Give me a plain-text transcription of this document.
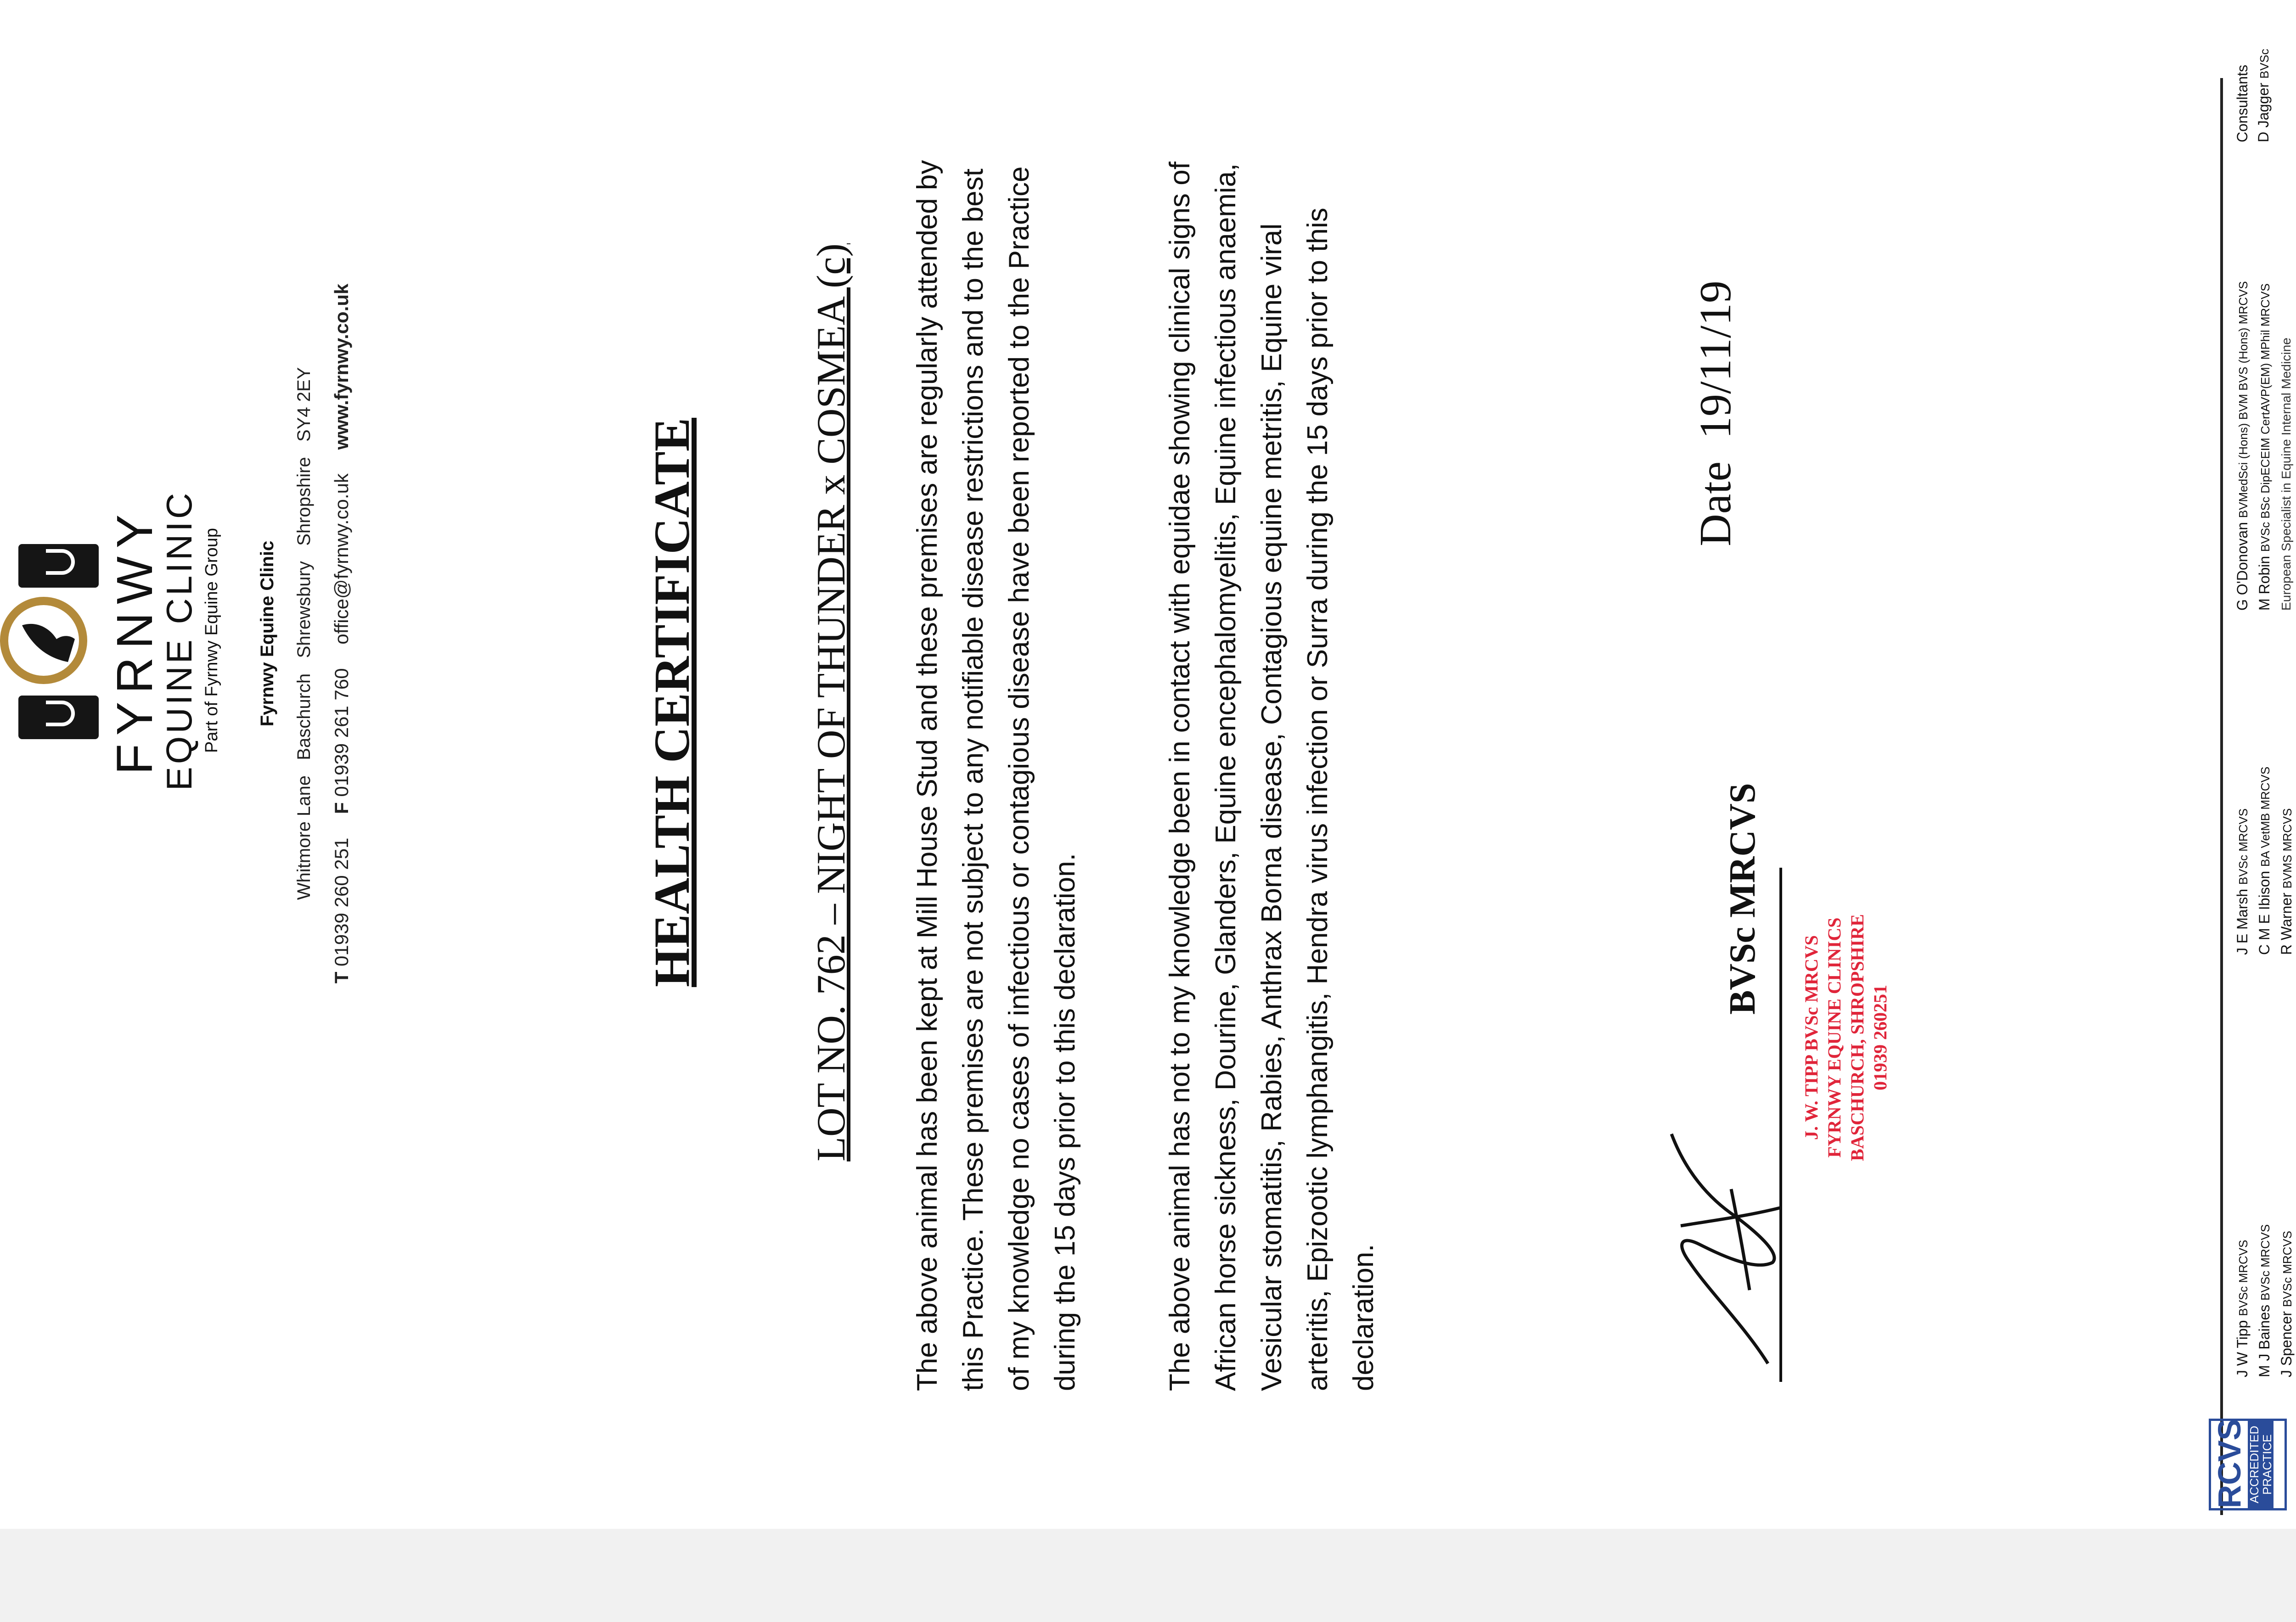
FYRNWY
EQUINE CLINIC Part of Fyrnwy Equine Group Fyrnwy Equine Clinic Whitmore Lane   Baschurch   Shrewsbury   Shropshire   SY4 2EY
T 01939 260 251 F 01939 261 760 office@fyrnwy.co.uk www.fyrnwy.co.uk
HEALTH CERTIFICATE	LOT NO. 762 – NIGHT OF THUNDER x COSMEA (c) The above animal has been kept at Mill House Stud and these premises are regularly attended by this Practice. These premises are not subject to any notifiable disease restrictions and to the best of my knowledge no cases of infectious or contagious disease have been reported to the Practice during the 15 days prior to this declaration.	The above animal has not to my knowledge been in contact with equidae showing clinical signs of African horse sickness, Dourine, Glanders, Equine encephalomyelitis, Equine infectious anaemia, Vesicular stomatitis, Rabies, Anthrax Borna disease, Contagious equine metritis, Equine viral arteritis, Epizootic lymphangitis, Hendra virus infection or Surra during the 15 days prior to this declaration.
BVSc MRCVS
Date  19/11/19
J. W. TIPP BVSc MRCVS FYRNWY EQUINE CLINICS BASCHURCH, SHROPSHIRE 01939 260251
RCVS ACCREDITED PRACTICE
J W Tipp BVSc MRCVS
M J Baines BVSc MRCVS
J Spencer BVSc MRCVS
J E Marsh BVSc MRCVS
C M E Ibison BA VetMB MRCVS
R Warner BVMS MRCVS
G O'Donovan BVMedSci (Hons) BVM BVS (Hons) MRCVS
M Robin BVSc BSc DipECEIM CertAVP(EM) MPhil MRCVS European Specialist in Equine Internal Medicine
Consultants D Jagger BVSc
